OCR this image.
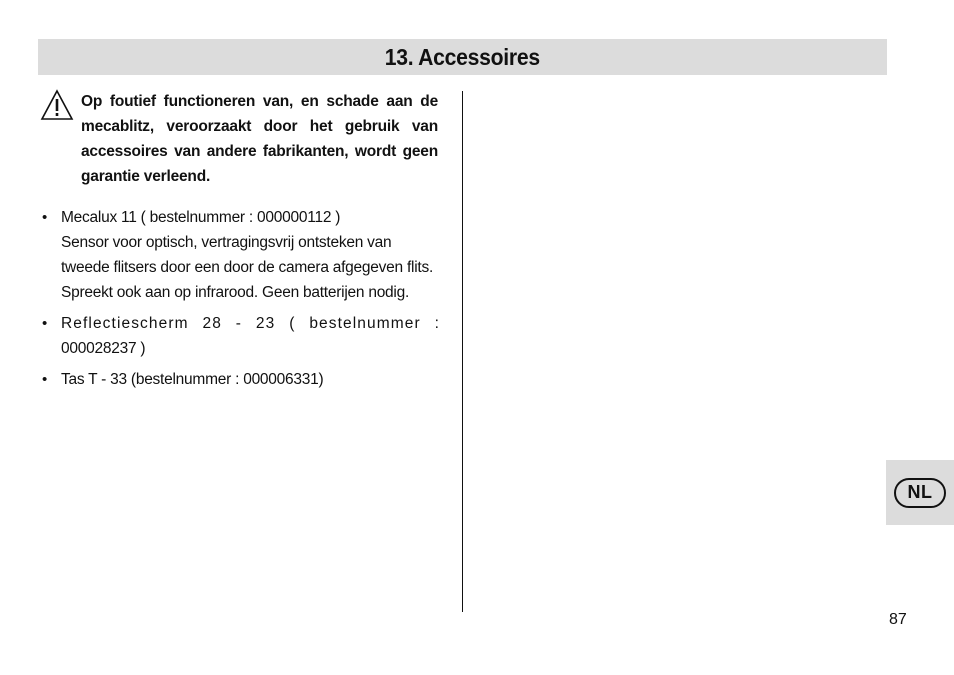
13. Accessoires
Op foutief functioneren van, en schade aan de mecablitz, veroorzaakt door het gebruik van accessoires van andere fabrikanten, wordt geen garantie verleend.
• Mecalux 11 ( bestelnummer : 000000112 )

Sensor voor optisch, vertragingsvrij ontsteken van tweede flitsers door een door de camera afgegeven flits. Spreekt ook aan op infrarood. Geen batterijen nodig.

• Reflectiescherm 28 - 23 ( bestelnummer :

000028237 )

• Tas T - 33 (bestelnummer : 000006331)

NL
87
